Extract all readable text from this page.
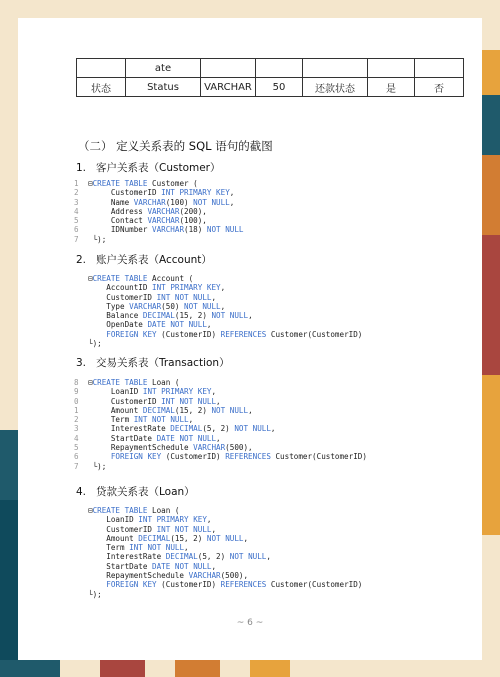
	ate					
状态	Status	VARCHAR	50	还款状态	是	否
（二） 定义关系表的 SQL 语句的截图
1. 客户关系表（Customer）
1 ⊟CREATE TABLE Customer (
2     CustomerID INT PRIMARY KEY,
3     Name VARCHAR(100) NOT NULL,
4     Address VARCHAR(200),
5     Contact VARCHAR(100),
6     IDNumber VARCHAR(18) NOT NULL
7 └);
2. 账户关系表（Account）
⊟CREATE TABLE Account (
AccountID INT PRIMARY KEY,
CustomerID INT NOT NULL,
Type VARCHAR(50) NOT NULL,
Balance DECIMAL(15, 2) NOT NULL,
OpenDate DATE NOT NULL,
FOREIGN KEY (CustomerID) REFERENCES Customer(CustomerID)
└);
3. 交易关系表（Transaction）
8 ⊟CREATE TABLE Loan (
9     LoanID INT PRIMARY KEY,
0     CustomerID INT NOT NULL,
1     Amount DECIMAL(15, 2) NOT NULL,
2     Term INT NOT NULL,
3     InterestRate DECIMAL(5, 2) NOT NULL,
4     StartDate DATE NOT NULL,
5     RepaymentSchedule VARCHAR(500),
6	FOREIGN KEY (CustomerID) REFERENCES Customer(CustomerID)
7 └);
4. 贷款关系表（Loan）
⊟CREATE TABLE Loan (
LoanID INT PRIMARY KEY,
CustomerID INT NOT NULL,
Amount DECIMAL(15, 2) NOT NULL,
Term INT NOT NULL,
InterestRate DECIMAL(5, 2) NOT NULL,
StartDate DATE NOT NULL,
RepaymentSchedule VARCHAR(500),
FOREIGN KEY (CustomerID) REFERENCES Customer(CustomerID)
└);
~ 6 ~
